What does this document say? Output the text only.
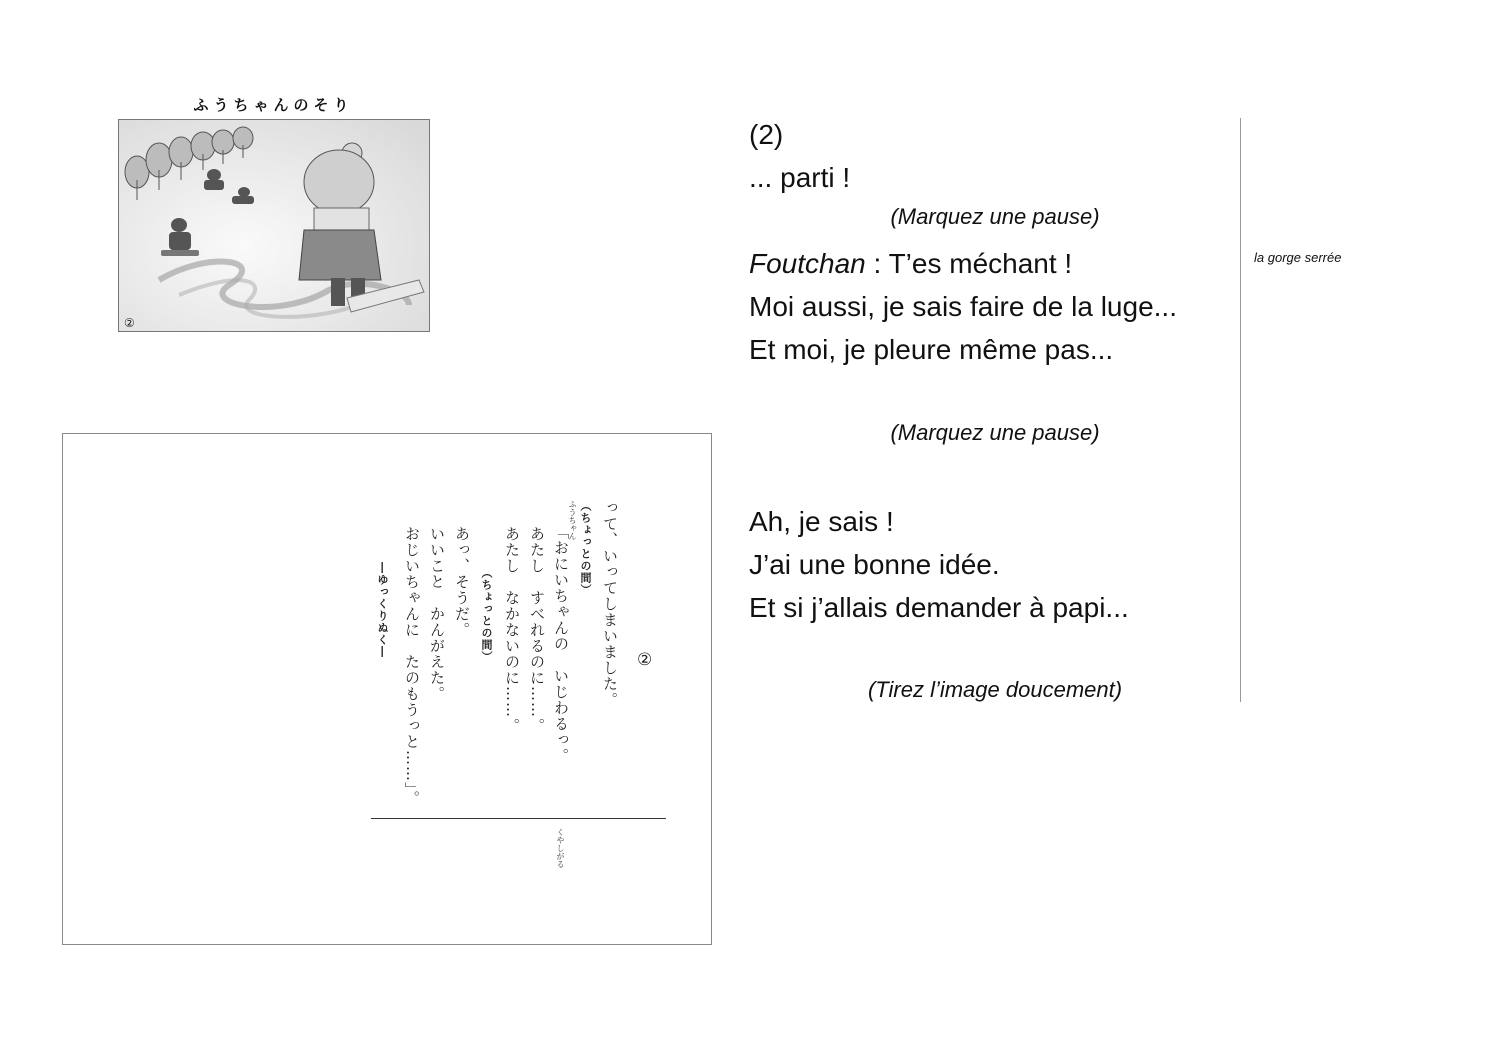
ふうちゃんのそり
②
って、いってしまいました。
（ちょっとの間）
ふうちゃん
「おにいちゃんの　いじわるっ。
あたし　すべれるのに……。
あたし　なかないのに……。
（ちょっとの間）
あっ、そうだ。
いいこと　かんがえた。
おじいちゃんに　たのもうっと……」。
―ゆっくりぬく―
②
くやしがる
(2)
... parti !
(Marquez une pause)
Foutchan : T’es méchant !
Moi aussi, je sais faire de la luge...
Et moi, je pleure même pas...
(Marquez une pause)
Ah, je sais !
J’ai une bonne idée.
Et si j’allais demander à papi...
(Tirez l’image doucement)
la gorge serrée
